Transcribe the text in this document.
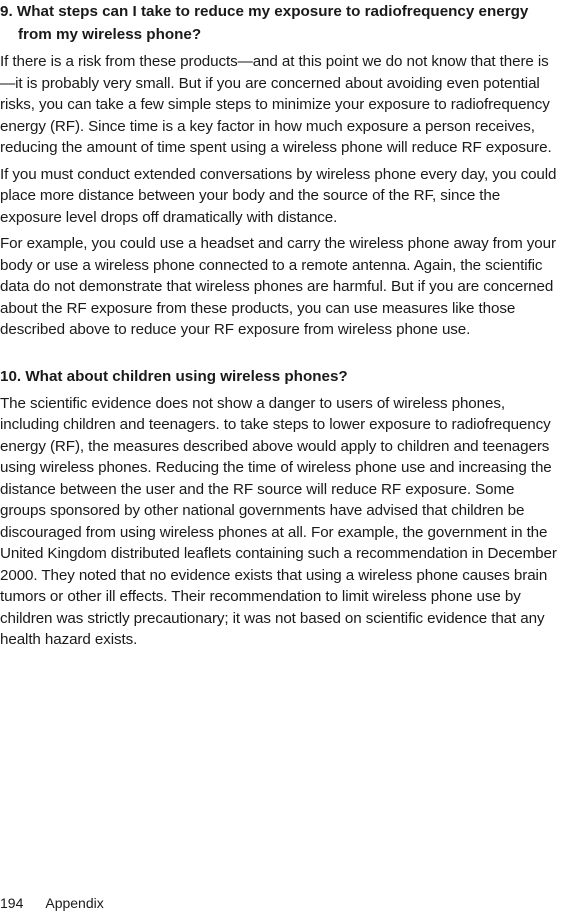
9. What steps can I take to reduce my exposure to radiofrequency energy from my wireless phone?

If there is a risk from these products—and at this point we do not know that there is—it is probably very small. But if you are concerned about avoiding even potential risks, you can take a few simple steps to minimize your exposure to radiofrequency energy (RF). Since time is a key factor in how much exposure a person receives, reducing the amount of time spent using a wireless phone will reduce RF exposure.

If you must conduct extended conversations by wireless phone every day, you could place more distance between your body and the source of the RF, since the exposure level drops off dramatically with distance.

For example, you could use a headset and carry the wireless phone away from your body or use a wireless phone connected to a remote antenna. Again, the scientific data do not demonstrate that wireless phones are harmful. But if you are concerned about the RF exposure from these products, you can use measures like those described above to reduce your RF exposure from wireless phone use.

10. What about children using wireless phones?

The scientific evidence does not show a danger to users of wireless phones, including children and teenagers. to take steps to lower exposure to radiofrequency energy (RF), the measures described above would apply to children and teenagers using wireless phones. Reducing the time of wireless phone use and increasing the distance between the user and the RF source will reduce RF exposure. Some groups sponsored by other national governments have advised that children be discouraged from using wireless phones at all. For example, the government in the United Kingdom distributed leaflets containing such a recommendation in December 2000. They noted that no evidence exists that using a wireless phone causes brain tumors or other ill effects. Their recommendation to limit wireless phone use by children was strictly precautionary; it was not based on scientific evidence that any health hazard exists.

194 Appendix
